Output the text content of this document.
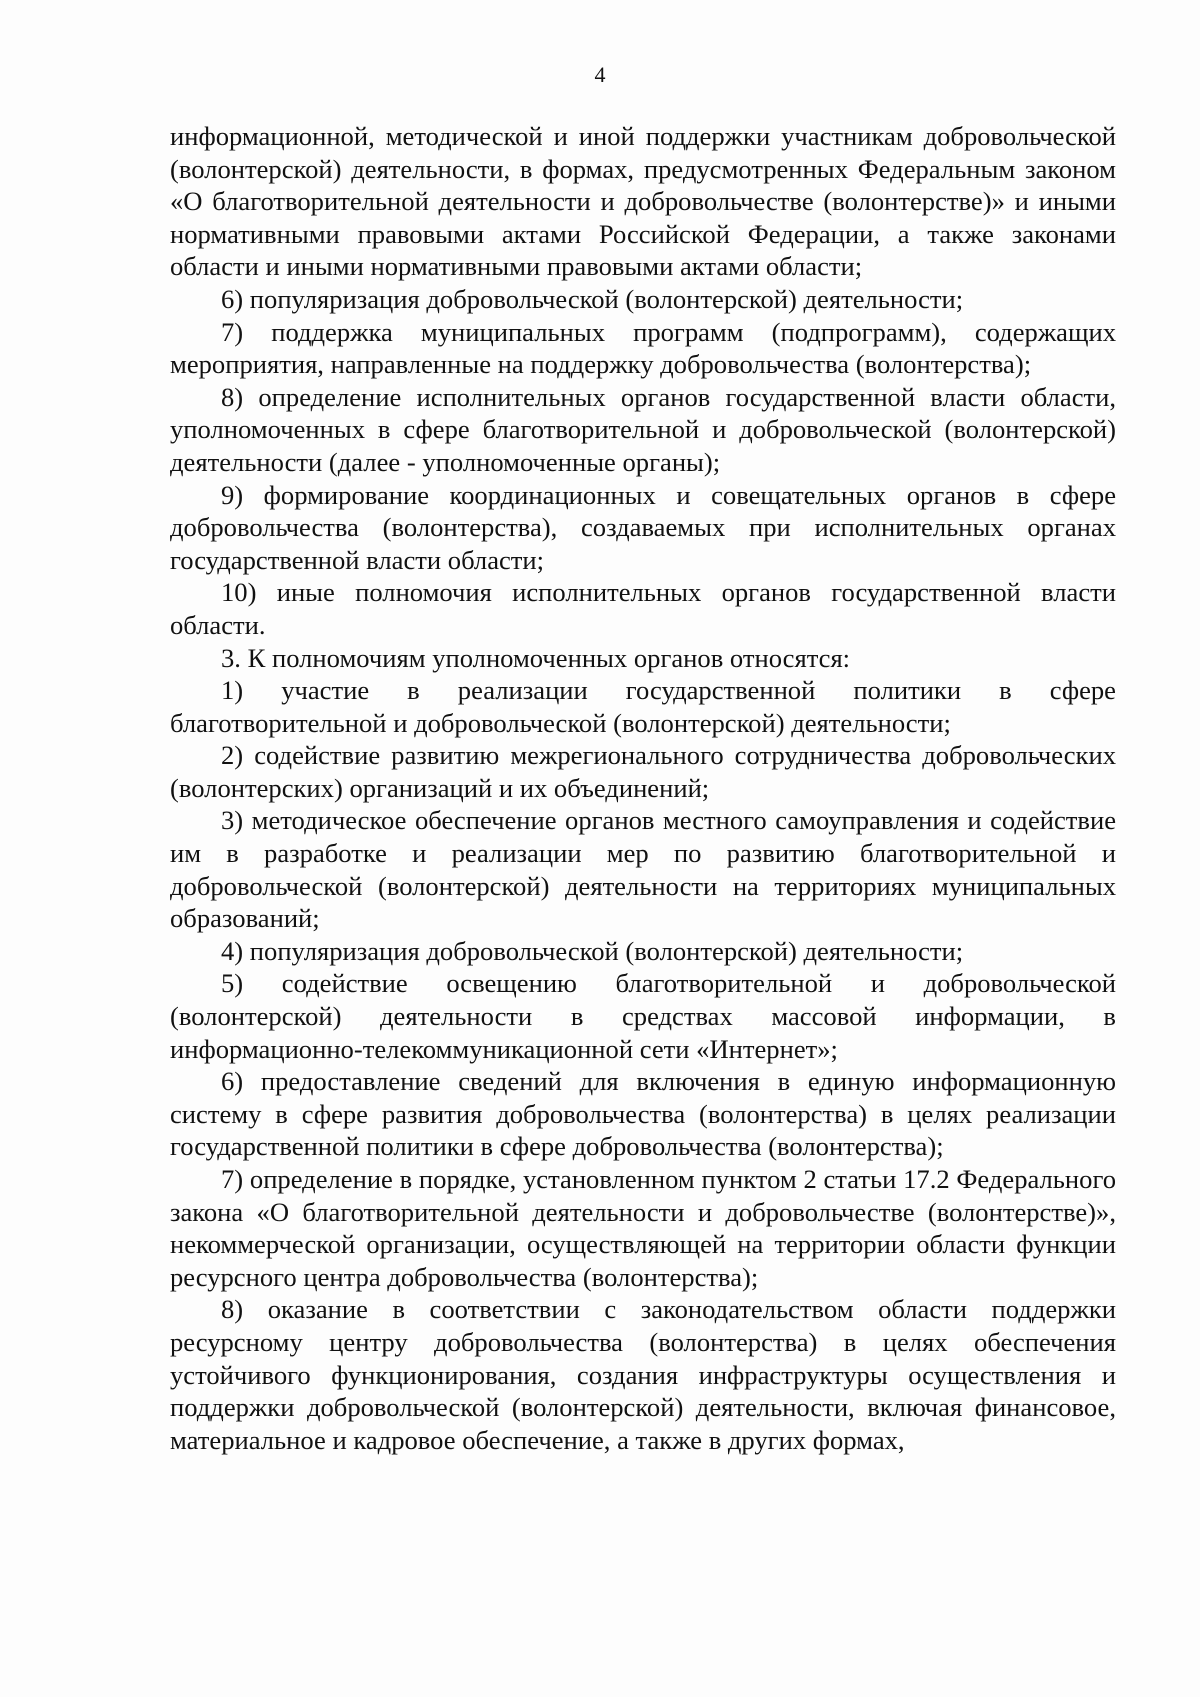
4

информационной, методической и иной поддержки участникам добровольческой (волонтерской) деятельности, в формах, предусмотренных Федеральным законом «О благотворительной деятельности и добровольчестве (волонтерстве)» и иными нормативными правовыми актами Российской Федерации, а также законами области и иными нормативными правовыми актами области;

6) популяризация добровольческой (волонтерской) деятельности;

7) поддержка муниципальных программ (подпрограмм), содержащих мероприятия, направленные на поддержку добровольчества (волонтерства);

8) определение исполнительных органов государственной власти области, уполномоченных в сфере благотворительной и добровольческой (волонтерской) деятельности (далее - уполномоченные органы);

9) формирование координационных и совещательных органов в сфере добровольчества (волонтерства), создаваемых при исполнительных органах государственной власти области;

10) иные полномочия исполнительных органов государственной власти области.

3. К полномочиям уполномоченных органов относятся:

1) участие в реализации государственной политики в сфере благотворительной и добровольческой (волонтерской) деятельности;

2) содействие развитию межрегионального сотрудничества добровольческих (волонтерских) организаций и их объединений;

3) методическое обеспечение органов местного самоуправления и содействие им в разработке и реализации мер по развитию благотворительной и добровольческой (волонтерской) деятельности на территориях муниципальных образований;

4) популяризация добровольческой (волонтерской) деятельности;

5) содействие освещению благотворительной и добровольческой (волонтерской) деятельности в средствах массовой информации, в информационно-телекоммуникационной сети «Интернет»;

6) предоставление сведений для включения в единую информационную систему в сфере развития добровольчества (волонтерства) в целях реализации государственной политики в сфере добровольчества (волонтерства);

7) определение в порядке, установленном пунктом 2 статьи 17.2 Федерального закона «О благотворительной деятельности и добровольчестве (волонтерстве)», некоммерческой организации, осуществляющей на территории области функции ресурсного центра добровольчества (волонтерства);

8) оказание в соответствии с законодательством области поддержки ресурсному центру добровольчества (волонтерства) в целях обеспечения устойчивого функционирования, создания инфраструктуры осуществления и поддержки добровольческой (волонтерской) деятельности, включая финансовое, материальное и кадровое обеспечение, а также в других формах,
